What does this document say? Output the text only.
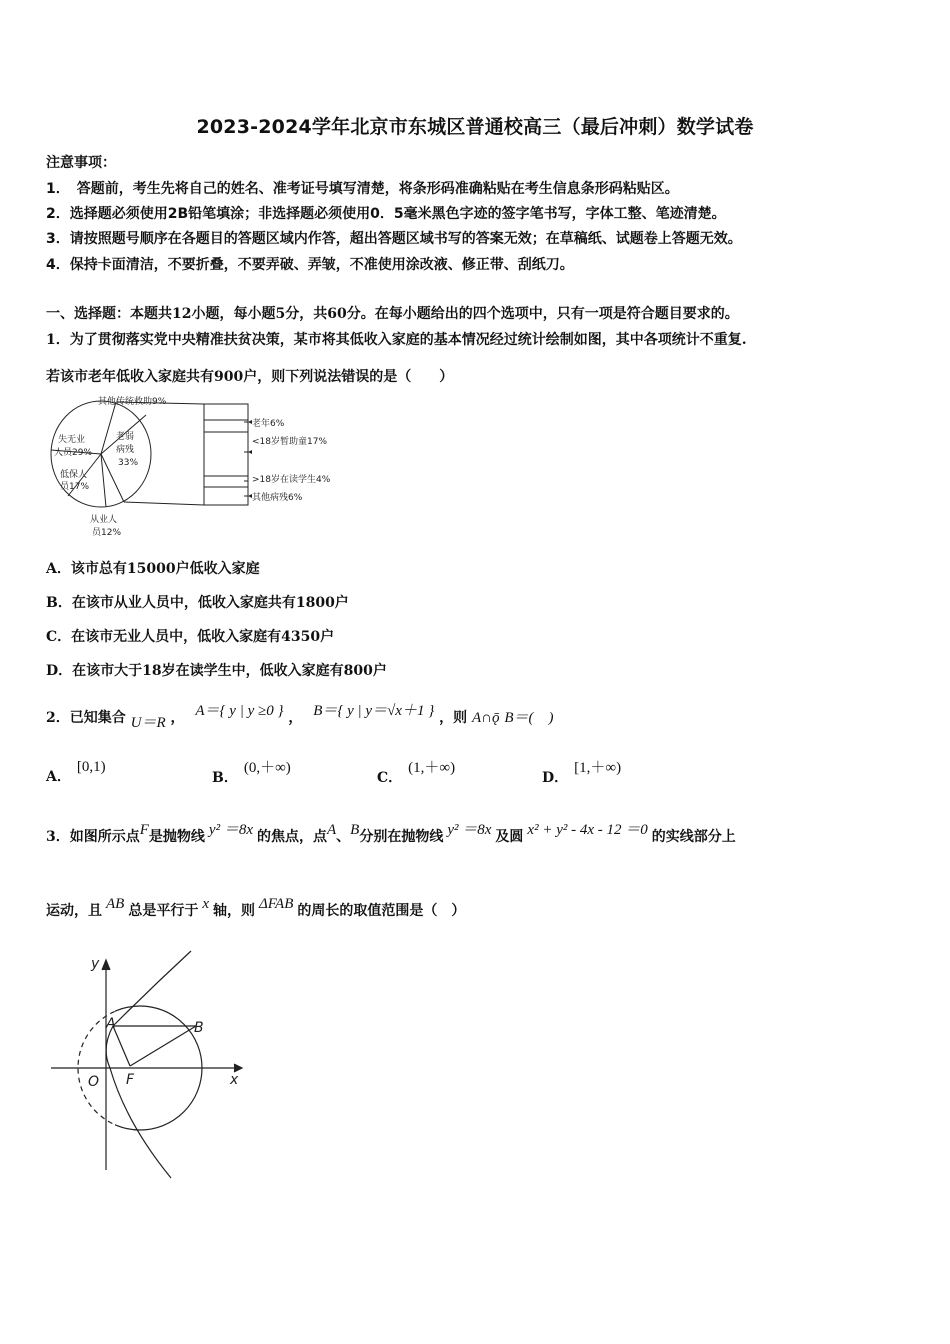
2023-2024学年北京市东城区普通校高三（最后冲刺）数学试卷
注意事项：
1．　答题前，考生先将自己的姓名、准考证号填写清楚，将条形码准确粘贴在考生信息条形码粘贴区。
2．选择题必须使用2B铅笔填涂；非选择题必须使用0．5毫米黑色字迹的签字笔书写，字体工整、笔迹清楚。
3．请按照题号顺序在各题目的答题区域内作答，超出答题区域书写的答案无效；在草稿纸、试题卷上答题无效。
4．保持卡面清洁，不要折叠，不要弄破、弄皱，不准使用涂改液、修正带、刮纸刀。
一、选择题：本题共12小题，每小题5分，共60分。在每小题给出的四个选项中，只有一项是符合题目要求的。
1．为了贯彻落实党中央精准扶贫决策，某市将其低收入家庭的基本情况经过统计绘制如图，其中各项统计不重复.
若该市老年低收入家庭共有900户，则下列说法错误的是（　　）
其他传统救助9%
失无业
人员29%
老弱
病残
33%
低保人
员17%
从业人
员12%
老年6%
<18岁暂助童17%
>18岁在读学生4%
其他病残6%
A．该市总有15000户低收入家庭
B．在该市从业人员中，低收入家庭共有1800户
C．在该市无业人员中，低收入家庭有4350户
D．在该市大于18岁在读学生中，低收入家庭有800户
2．已知集合 U＝R ， A＝{ y | y ≥0 } ， B＝{ y | y＝√x＋1 } ，则 A∩ǭ B＝(　)
A．[0,1)
B．(0,＋∞)
C．(1,＋∞)
D．[1,＋∞)
3．如图所示点F是抛物线 y² ＝8x 的焦点，点A、B分别在抛物线 y² ＝8x 及圆 x² + y² - 4x - 12 ＝0 的实线部分上
运动，且 AB 总是平行于 x 轴，则 ΔFAB 的周长的取值范围是（　）
y
x
O F
A	B
